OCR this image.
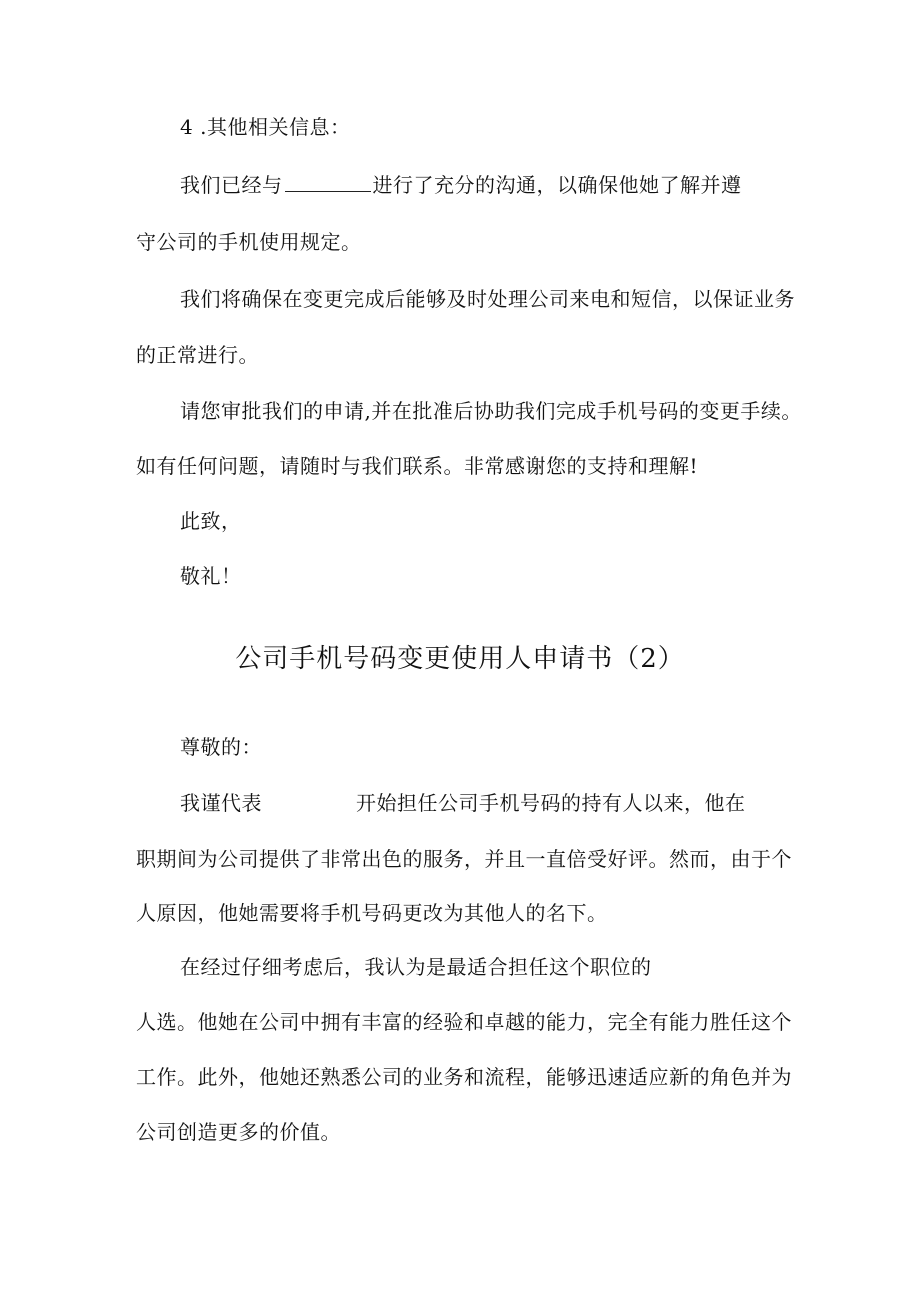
4 .其他相关信息：
我们已经与	进行了充分的沟通，以确保他她了解并遵
守公司的手机使用规定。
我们将确保在变更完成后能够及时处理公司来电和短信，以保证业务
的正常进行。
请您审批我们的申请,并在批准后协助我们完成手机号码的变更手续。
如有任何问题，请随时与我们联系。非常感谢您的支持和理解!
此致，
敬礼！
公司手机号码变更使用人申请书（2）
尊敬的：
我谨代表	开始担任公司手机号码的持有人以来，他在
职期间为公司提供了非常出色的服务，并且一直倍受好评。然而，由于个
人原因，他她需要将手机号码更改为其他人的名下。
在经过仔细考虑后，我认为是最适合担任这个职位的
人选。他她在公司中拥有丰富的经验和卓越的能力，完全有能力胜任这个
工作。此外，他她还熟悉公司的业务和流程，能够迅速适应新的角色并为
公司创造更多的价值。
